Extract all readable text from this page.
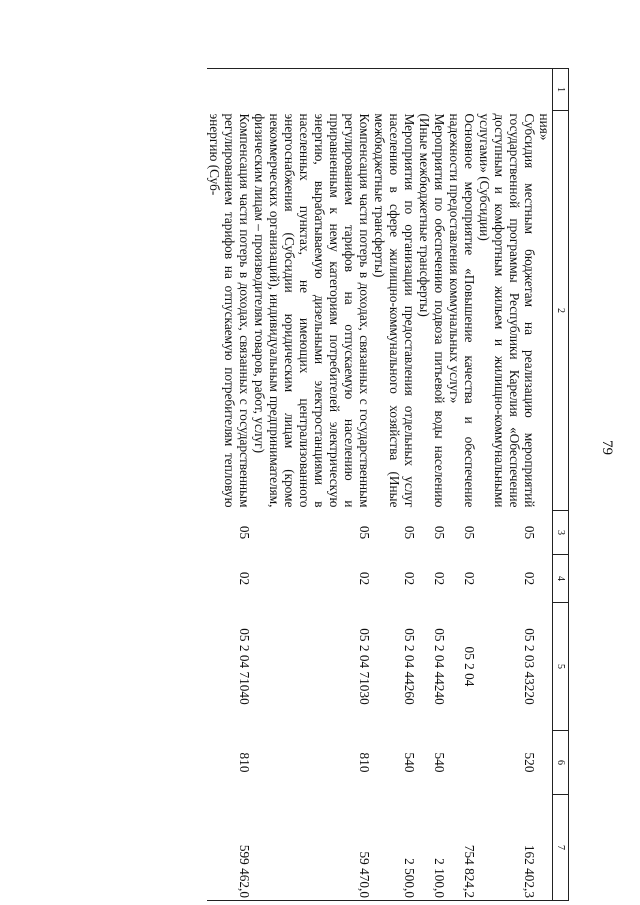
79
1	2	3	4	5	6	7
	ния»					
	Субсидия местным бюджетам на реализацию мероприятий государственной программы Республики Карелия «Обеспечение доступным и комфортным жильем и жилищно-коммунальными услугами» (Субсидии)	05	02	05 2 03 43220	520	162 402,3
	Основное мероприятие «Повышение качества и обеспечение надежности предоставления коммунальных услуг»	05	02	05 2 04		754 824,2
	Мероприятия по обеспечению подвоза питьевой воды населению (Иные межбюджетные трансферты)	05	02	05 2 04 44240	540	2 100,0
	Мероприятия по организации предоставления отдельных услуг населению в сфере жилищно-коммунального хозяйства (Иные межбюджетные трансферты)	05	02	05 2 04 44260	540	2 500,0
	Компенсация части потерь в доходах, связанных с государственным регулированием тарифов на отпускаемую населению и приравненным к нему категориям потребителей электрическую энергию, вырабатываемую дизельными электростанциями в населенных пунктах, не имеющих централизованного энергоснабжения (Субсидии юридическим лицам (кроме некоммерческих организаций), индивидуальным предпринимателям, физическим лицам – производителям товаров, работ, услуг)	05	02	05 2 04 71030	810	59 470,0
	Компенсация части потерь в доходах, связанных с государственным регулированием тарифов на отпускаемую потребителям тепловую энергию (Суб-	05	02	05 2 04 71040	810	599 462,0
